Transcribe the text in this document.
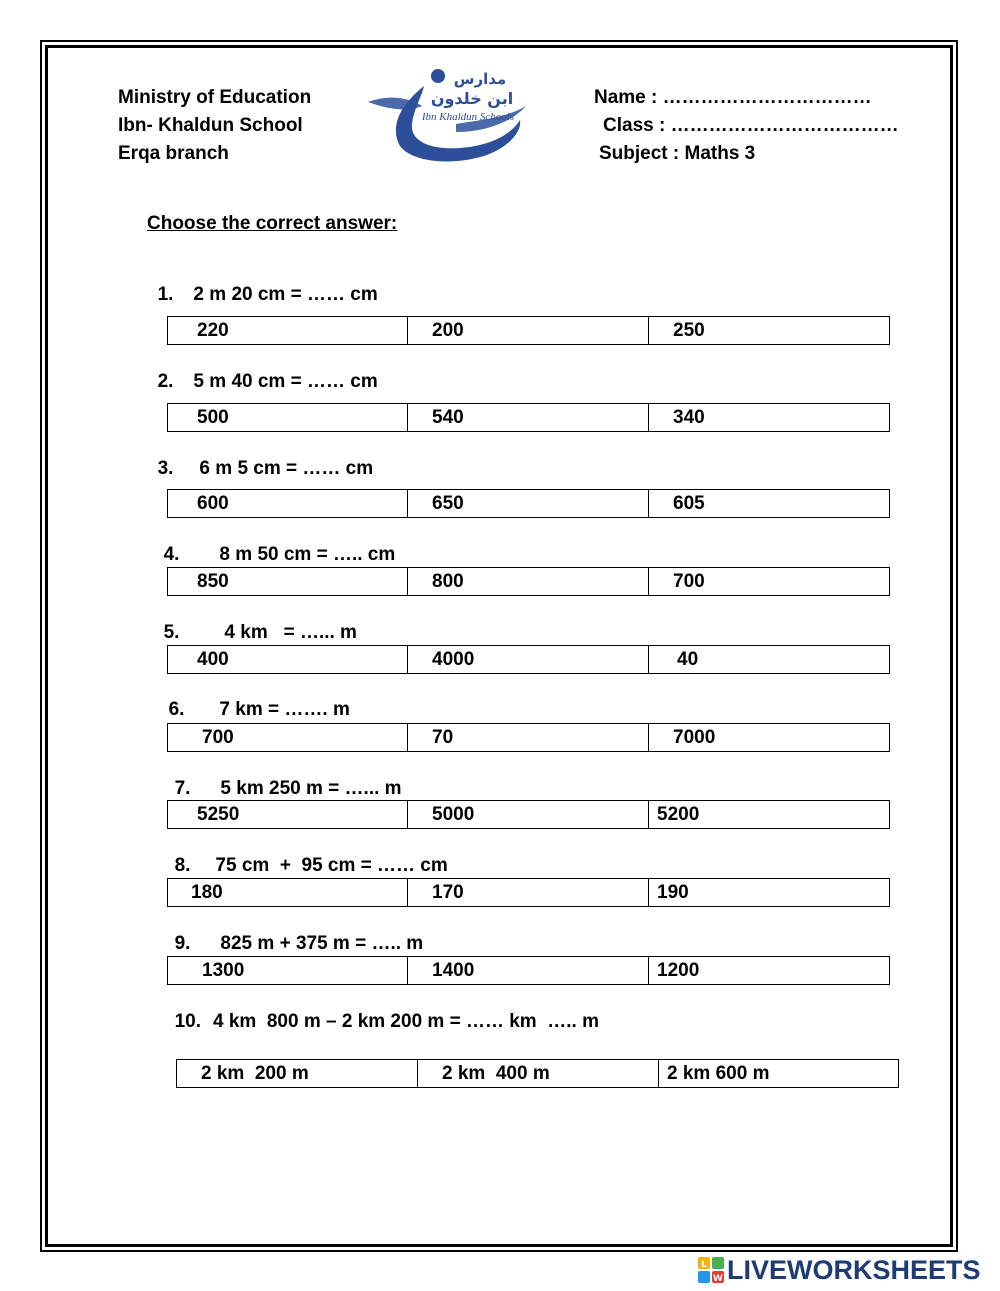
Ministry of Education
Ibn- Khaldun School
Erqa branch
مدارس
ابن خلدون
Ibn Khaldun Schools
Name : ……………………………
Class : ………………………………
Subject : Maths 3
Choose the correct answer:

1. 2 m 20 cm = …… cm

220	200	250

2. 5 m 40 cm = …… cm

500	540	340

3. 6 m 5 cm = …… cm

600	650	605

4. 8 m 50 cm = ….. cm

850	800	700

5. 4 km   = …... m

400	4000	40

6. 7 km = ……. m

700	70	7000

7. 5 km 250 m = …... m

5250	5000	5200

8. 75 cm  +  95 cm = …… cm

180	170	190

9. 825 m + 375 m = ….. m

1300	1400	1200

10. 4 km  800 m – 2 km 200 m = …… km  ….. m

2 km  200 m	2 km  400 m	2 km 600 m
L
W LIVEWORKSHEETS
